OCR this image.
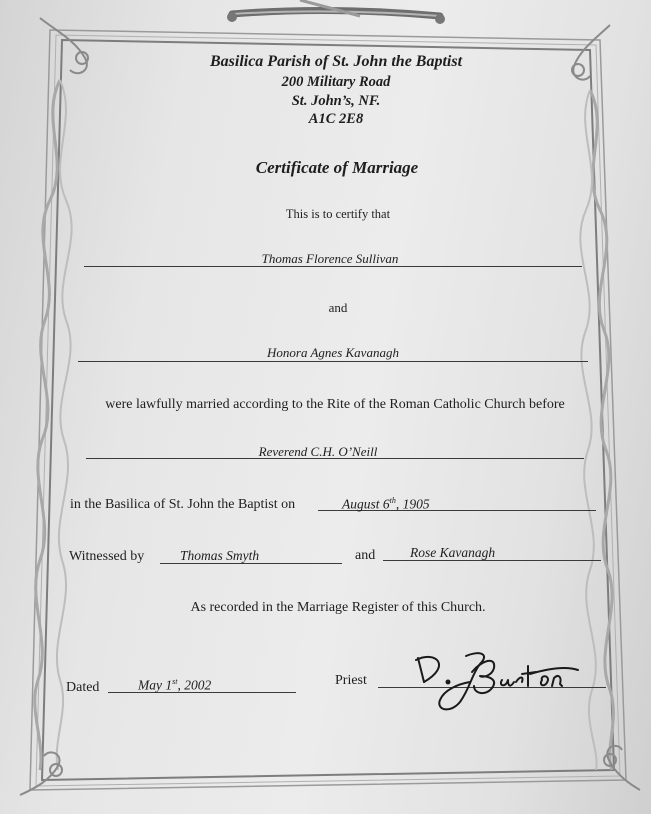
Basilica Parish of St. John the Baptist
200 Military Road
St. John’s, NF.
A1C 2E8
Certificate of Marriage
This is to certify that
Thomas Florence Sullivan
and
Honora Agnes Kavanagh
were lawfully married according to the Rite of the Roman Catholic Church before
Reverend C.H. O’Neill
in the Basilica of St. John the Baptist on	August 6th, 1905
Witnessed by	Thomas Smyth	and	Rose Kavanagh
As recorded in the Marriage Register of this Church.
Dated	May 1st, 2002	Priest
